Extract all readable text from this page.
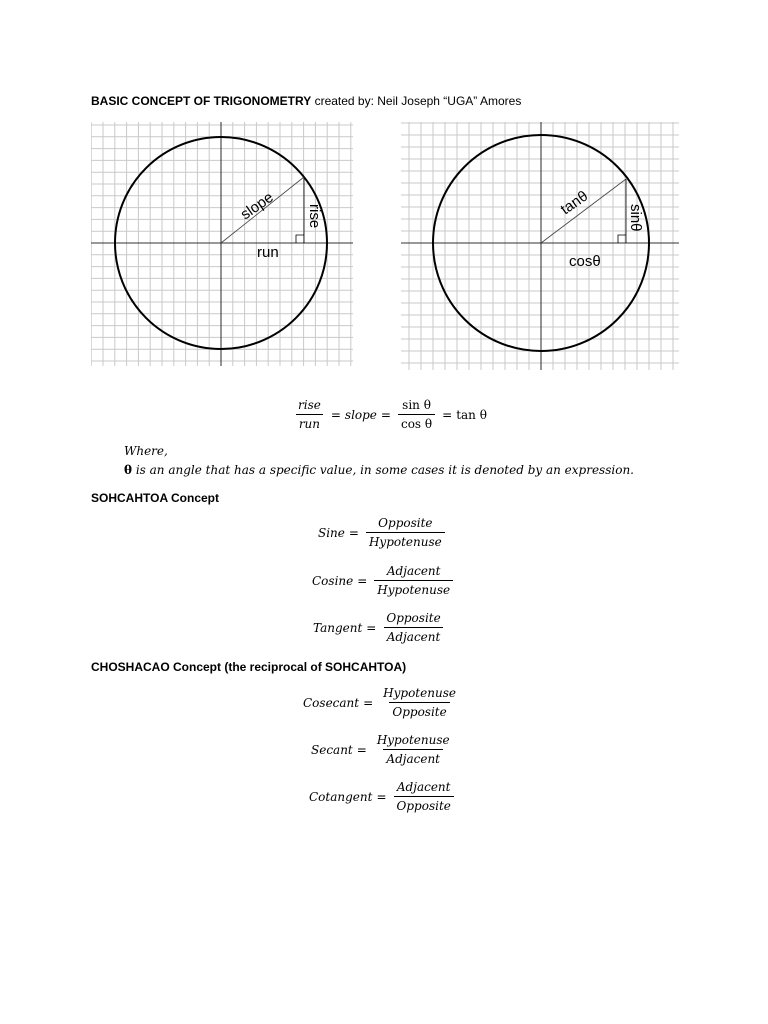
BASIC CONCEPT OF TRIGONOMETRY created by: Neil Joseph “UGA” Amores
slope rise
run
tanθ sinθ
cosθ
$\frac{\text{rise}}{\text{run}}$ = slope = $\frac{\text{sin θ}}{\text{cos θ}} = \tan \theta$
Where,
θ is an angle that has a specific value, in some cases it is denoted by an expression.
SOHCAHTOA Concept
Sine = $\frac{\text{Opposite}}{\text{Hypotenuse}}$
$Cosine = \frac{\text{Adjacent}}{\text{Hypotenuse}}$
Tangent = $\frac{\text{Opposite}}{\text{Adjacent}}$
CHOSHACAO Concept (the reciprocal of SOHCAHTOA)
Cosecant = $\frac{\text{Hypotenuse}}{\text{Opposite}}$
Secant = $\frac{\text{Hypotenuse}}{\text{Adjacent}}$
Cotangent = $\frac{\text{Adjacent}}{\text{Opposite}}$
